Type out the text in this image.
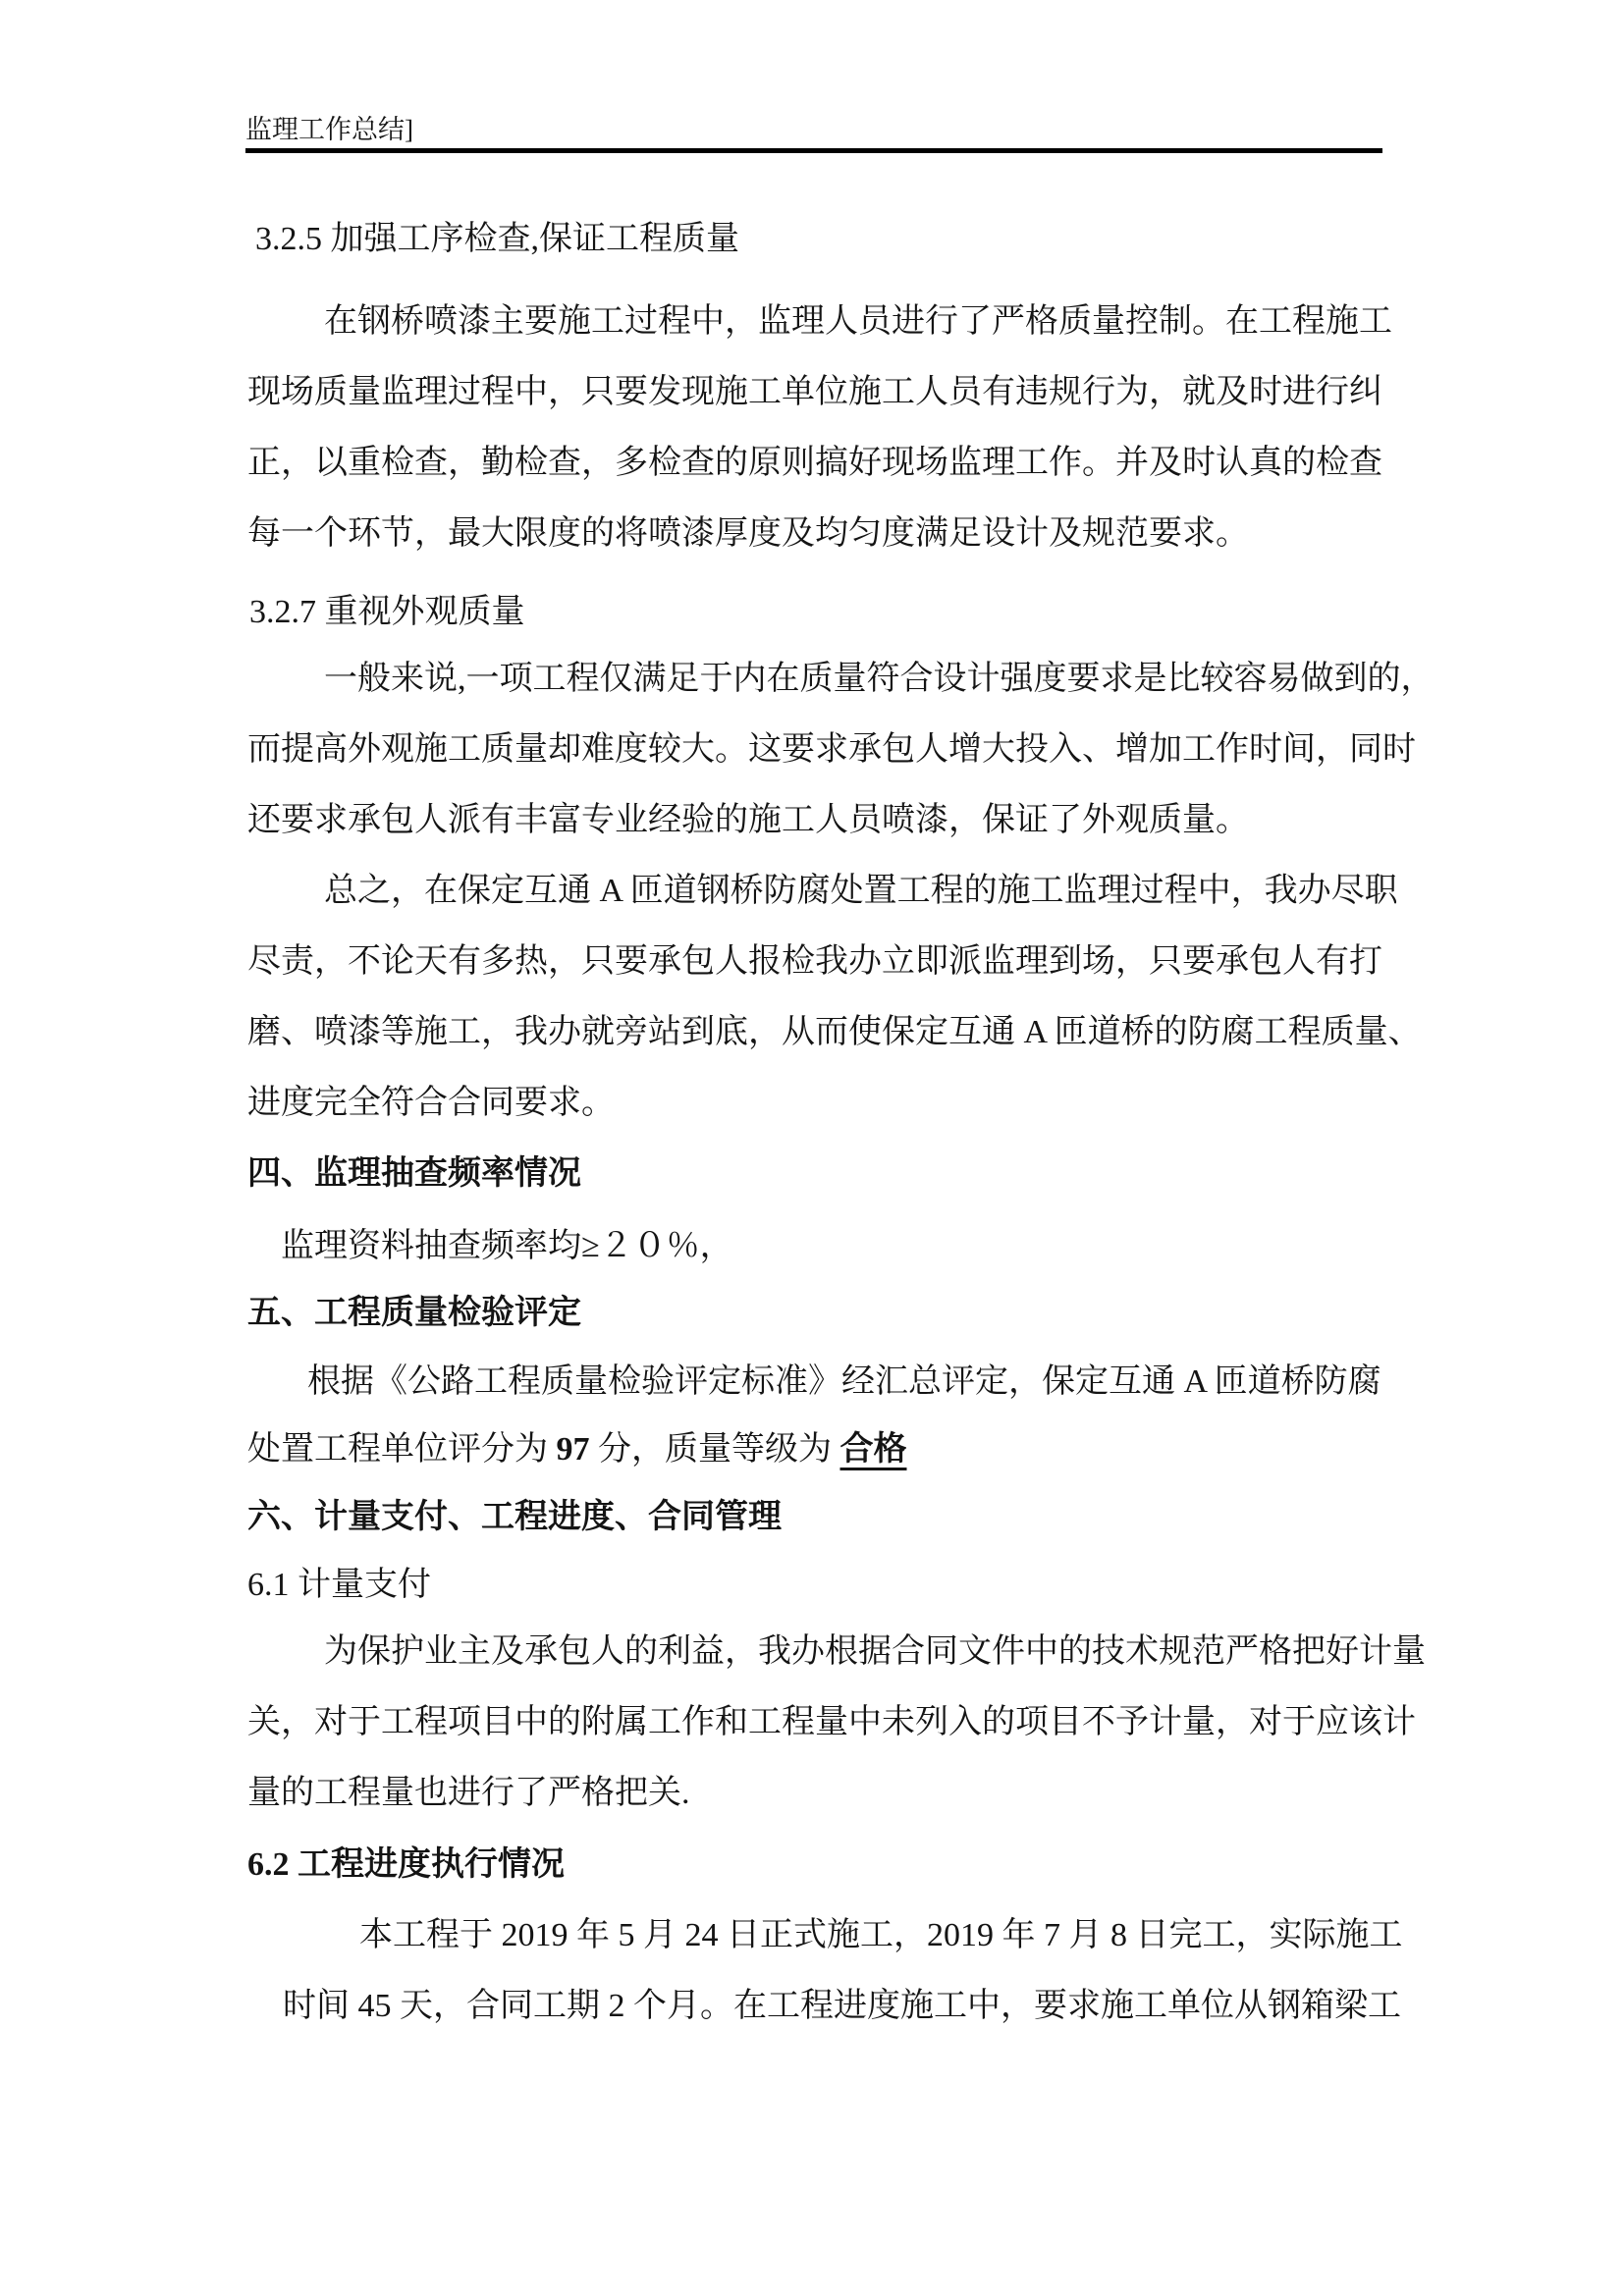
监理工作总结]
3.2.5 加强工序检查,保证工程质量
在钢桥喷漆主要施工过程中，监理人员进行了严格质量控制。在工程施工
现场质量监理过程中，只要发现施工单位施工人员有违规行为，就及时进行纠
正，以重检查，勤检查，多检查的原则搞好现场监理工作。并及时认真的检查
每一个环节，最大限度的将喷漆厚度及均匀度满足设计及规范要求。
3.2.7 重视外观质量
一般来说,一项工程仅满足于内在质量符合设计强度要求是比较容易做到的，
而提高外观施工质量却难度较大。这要求承包人增大投入、增加工作时间，同时
还要求承包人派有丰富专业经验的施工人员喷漆，保证了外观质量。
总之，在保定互通 A 匝道钢桥防腐处置工程的施工监理过程中，我办尽职
尽责，不论天有多热，只要承包人报检我办立即派监理到场，只要承包人有打
磨、喷漆等施工，我办就旁站到底，从而使保定互通 A 匝道桥的防腐工程质量、
进度完全符合合同要求。
四、监理抽查频率情况
监理资料抽查频率均≥２０％，
五、工程质量检验评定
根据《公路工程质量检验评定标准》经汇总评定，保定互通 A 匝道桥防腐
处置工程单位评分为 97 分，质量等级为 合格
六、计量支付、工程进度、合同管理
6.1 计量支付
为保护业主及承包人的利益，我办根据合同文件中的技术规范严格把好计量
关，对于工程项目中的附属工作和工程量中未列入的项目不予计量，对于应该计
量的工程量也进行了严格把关.
6.2 工程进度执行情况
本工程于 2019 年 5 月 24 日正式施工，2019 年 7 月 8 日完工，实际施工
时间 45 天，合同工期 2 个月。在工程进度施工中，要求施工单位从钢箱梁工
